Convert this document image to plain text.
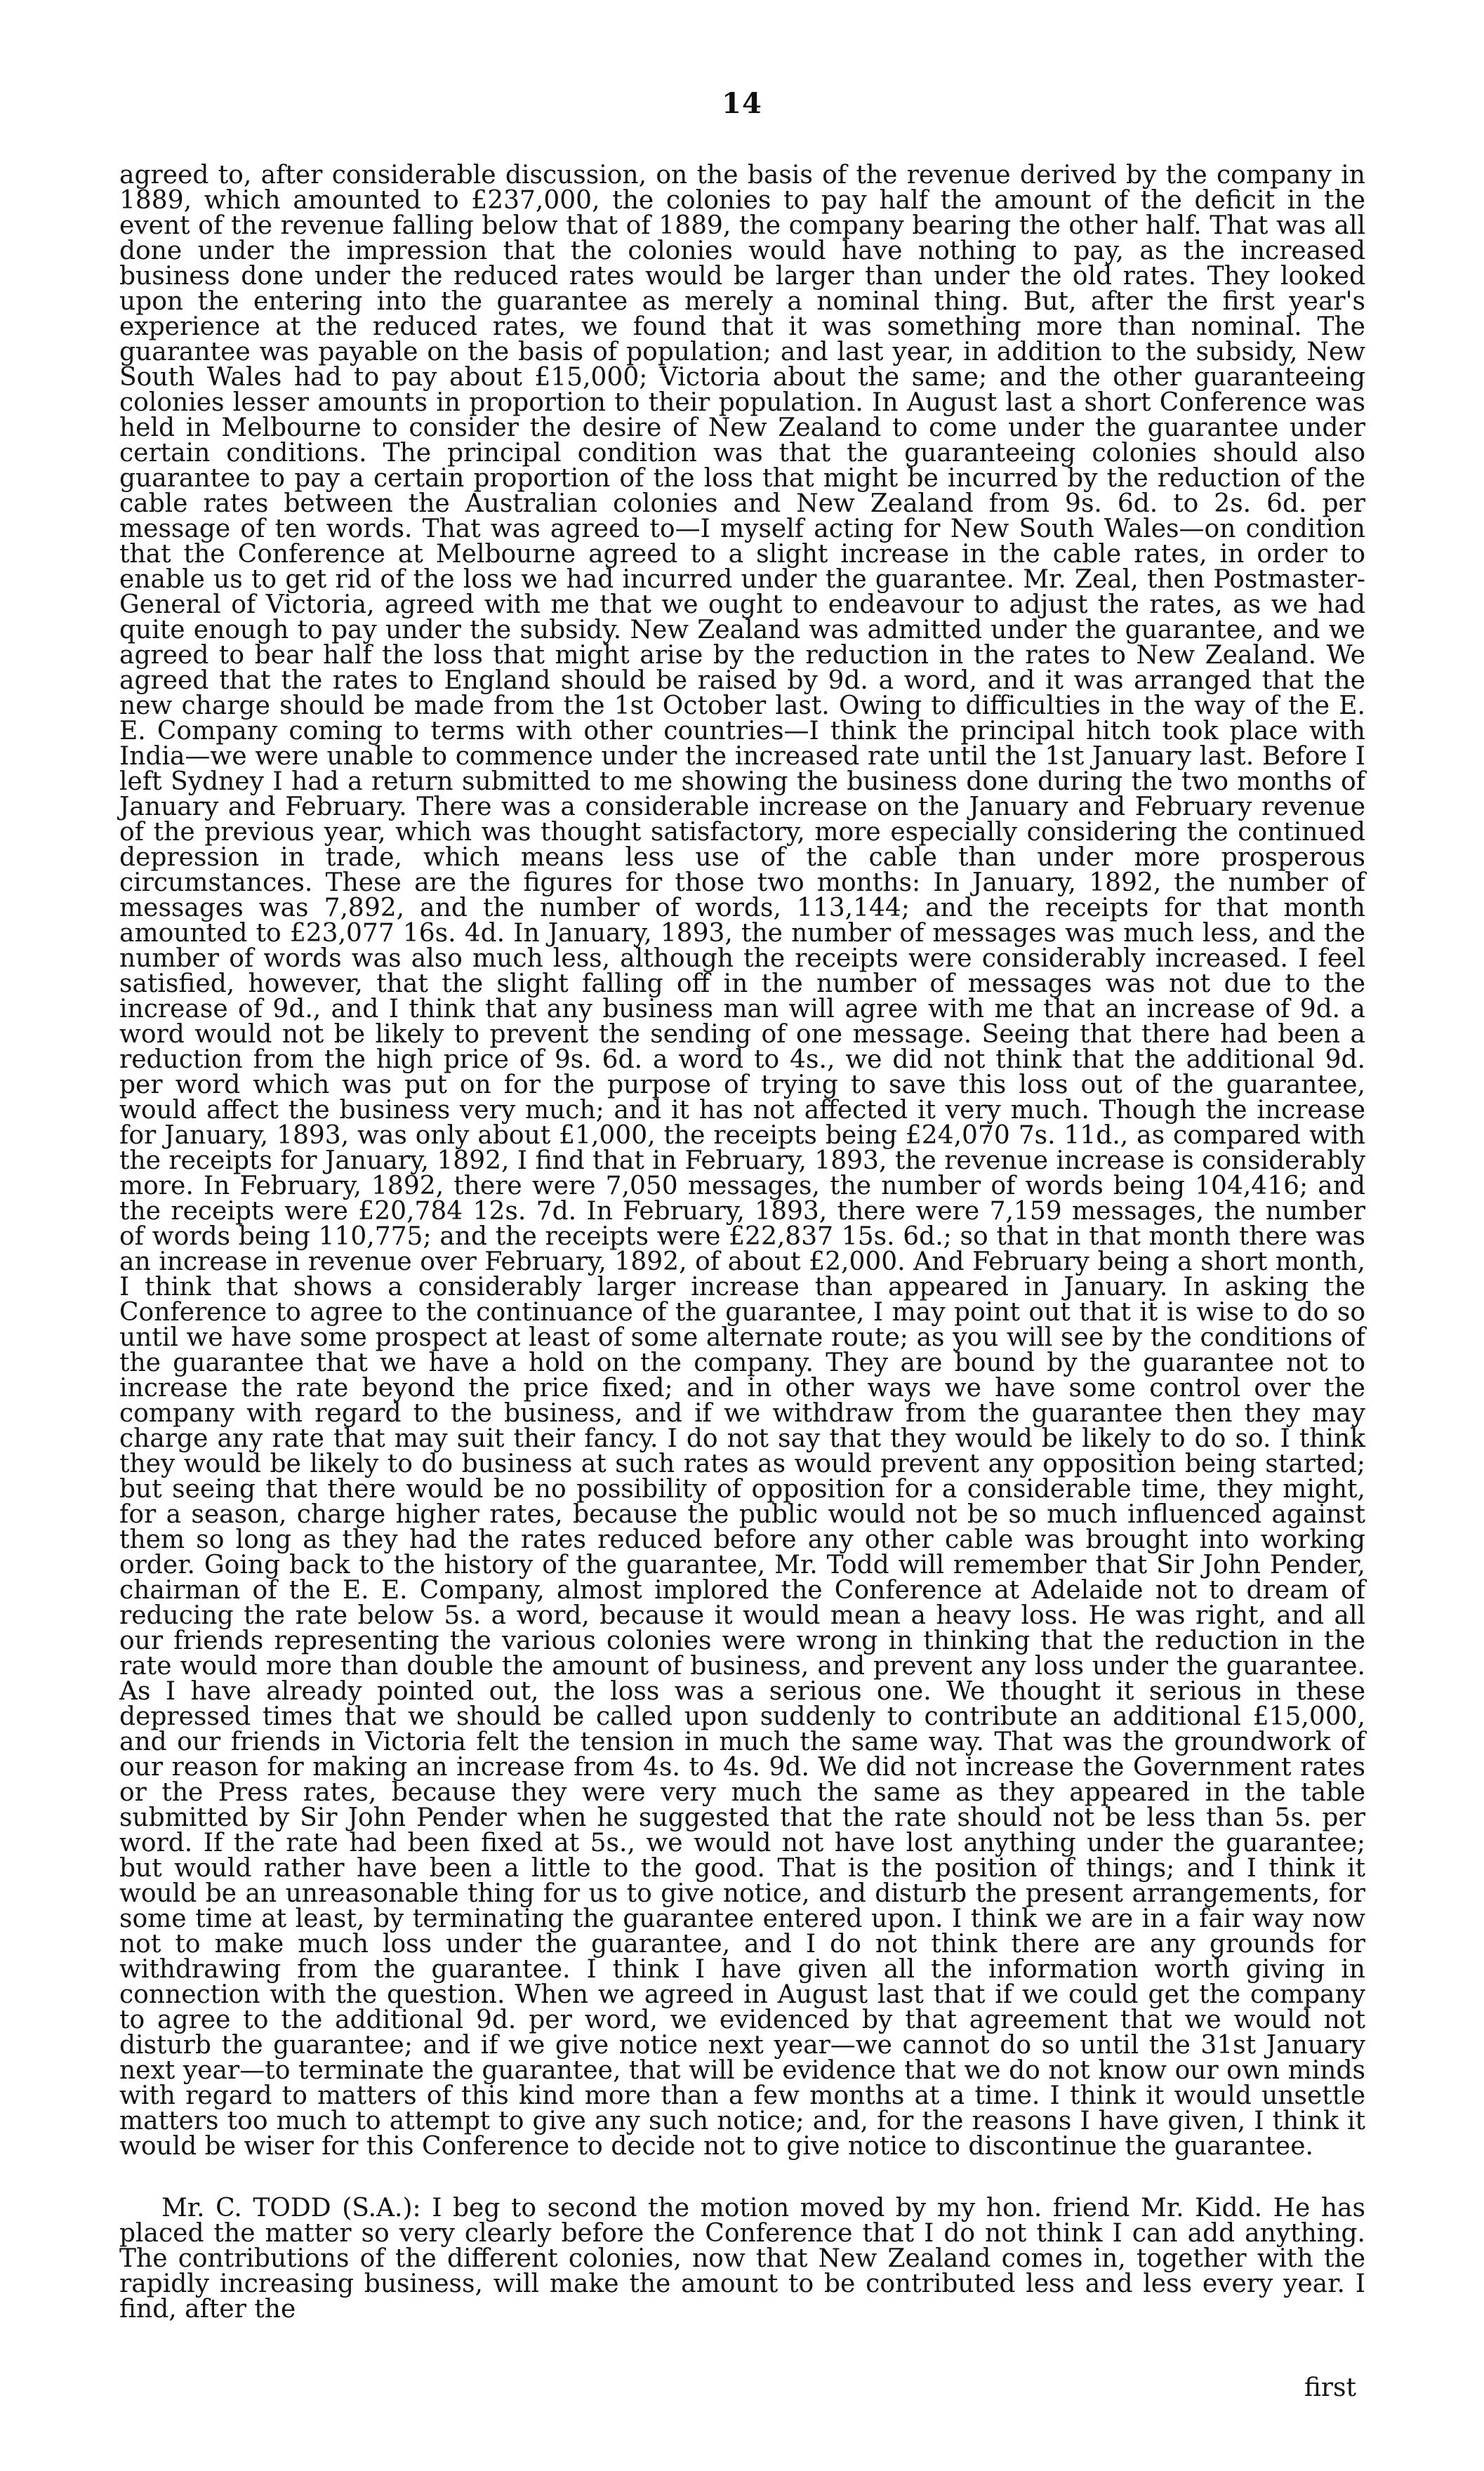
14

agreed to, after considerable discussion, on the basis of the revenue derived by the company in 1889, which amounted to £237,000, the colonies to pay half the amount of the deficit in the event of the revenue falling below that of 1889, the company bearing the other half. That was all done under the impression that the colonies would have nothing to pay, as the increased business done under the reduced rates would be larger than under the old rates. They looked upon the entering into the guarantee as merely a nominal thing. But, after the first year's experience at the reduced rates, we found that it was something more than nominal. The guarantee was payable on the basis of population; and last year, in addition to the subsidy, New South Wales had to pay about £15,000; Victoria about the same; and the other guaranteeing colonies lesser amounts in proportion to their population. In August last a short Conference was held in Melbourne to consider the desire of New Zealand to come under the guarantee under certain conditions. The principal condition was that the guaranteeing colonies should also guarantee to pay a certain proportion of the loss that might be incurred by the reduction of the cable rates between the Australian colonies and New Zealand from 9s. 6d. to 2s. 6d. per message of ten words. That was agreed to—I myself acting for New South Wales—on condition that the Conference at Melbourne agreed to a slight increase in the cable rates, in order to enable us to get rid of the loss we had incurred under the guarantee. Mr. Zeal, then Postmaster-General of Victoria, agreed with me that we ought to endeavour to adjust the rates, as we had quite enough to pay under the subsidy. New Zealand was admitted under the guarantee, and we agreed to bear half the loss that might arise by the reduction in the rates to New Zealand. We agreed that the rates to England should be raised by 9d. a word, and it was arranged that the new charge should be made from the 1st October last. Owing to difficulties in the way of the E. E. Company coming to terms with other countries—I think the principal hitch took place with India—we were unable to commence under the increased rate until the 1st January last. Before I left Sydney I had a return submitted to me showing the business done during the two months of January and February. There was a considerable increase on the January and February revenue of the previous year, which was thought satisfactory, more especially considering the continued depression in trade, which means less use of the cable than under more prosperous circumstances. These are the figures for those two months: In January, 1892, the number of messages was 7,892, and the number of words, 113,144; and the receipts for that month amounted to £23,077 16s. 4d. In January, 1893, the number of messages was much less, and the number of words was also much less, although the receipts were considerably increased. I feel satisfied, however, that the slight falling off in the number of messages was not due to the increase of 9d., and I think that any business man will agree with me that an increase of 9d. a word would not be likely to prevent the sending of one message. Seeing that there had been a reduction from the high price of 9s. 6d. a word to 4s., we did not think that the additional 9d. per word which was put on for the purpose of trying to save this loss out of the guarantee, would affect the business very much; and it has not affected it very much. Though the increase for January, 1893, was only about £1,000, the receipts being £24,070 7s. 11d., as compared with the receipts for January, 1892, I find that in February, 1893, the revenue increase is considerably more. In February, 1892, there were 7,050 messages, the number of words being 104,416; and the receipts were £20,784 12s. 7d. In February, 1893, there were 7,159 messages, the number of words being 110,775; and the receipts were £22,837 15s. 6d.; so that in that month there was an increase in revenue over February, 1892, of about £2,000. And February being a short month, I think that shows a considerably larger increase than appeared in January. In asking the Conference to agree to the continuance of the guarantee, I may point out that it is wise to do so until we have some prospect at least of some alternate route; as you will see by the conditions of the guarantee that we have a hold on the company. They are bound by the guarantee not to increase the rate beyond the price fixed; and in other ways we have some control over the company with regard to the business, and if we withdraw from the guarantee then they may charge any rate that may suit their fancy. I do not say that they would be likely to do so. I think they would be likely to do business at such rates as would prevent any opposition being started; but seeing that there would be no possibility of opposition for a considerable time, they might, for a season, charge higher rates, because the public would not be so much influenced against them so long as they had the rates reduced before any other cable was brought into working order. Going back to the history of the guarantee, Mr. Todd will remember that Sir John Pender, chairman of the E. E. Company, almost implored the Conference at Adelaide not to dream of reducing the rate below 5s. a word, because it would mean a heavy loss. He was right, and all our friends representing the various colonies were wrong in thinking that the reduction in the rate would more than double the amount of business, and prevent any loss under the guarantee. As I have already pointed out, the loss was a serious one. We thought it serious in these depressed times that we should be called upon suddenly to contribute an additional £15,000, and our friends in Victoria felt the tension in much the same way. That was the groundwork of our reason for making an increase from 4s. to 4s. 9d. We did not increase the Government rates or the Press rates, because they were very much the same as they appeared in the table submitted by Sir John Pender when he suggested that the rate should not be less than 5s. per word. If the rate had been fixed at 5s., we would not have lost anything under the guarantee; but would rather have been a little to the good. That is the position of things; and I think it would be an unreasonable thing for us to give notice, and disturb the present arrangements, for some time at least, by terminating the guarantee entered upon. I think we are in a fair way now not to make much loss under the guarantee, and I do not think there are any grounds for withdrawing from the guarantee. I think I have given all the information worth giving in connection with the question. When we agreed in August last that if we could get the company to agree to the additional 9d. per word, we evidenced by that agreement that we would not disturb the guarantee; and if we give notice next year—we cannot do so until the 31st January next year—to terminate the guarantee, that will be evidence that we do not know our own minds with regard to matters of this kind more than a few months at a time. I think it would unsettle matters too much to attempt to give any such notice; and, for the reasons I have given, I think it would be wiser for this Conference to decide not to give notice to discontinue the guarantee.

Mr. C. TODD (S.A.): I beg to second the motion moved by my hon. friend Mr. Kidd. He has placed the matter so very clearly before the Conference that I do not think I can add anything. The contributions of the different colonies, now that New Zealand comes in, together with the rapidly increasing business, will make the amount to be contributed less and less every year. I find, after the

first
